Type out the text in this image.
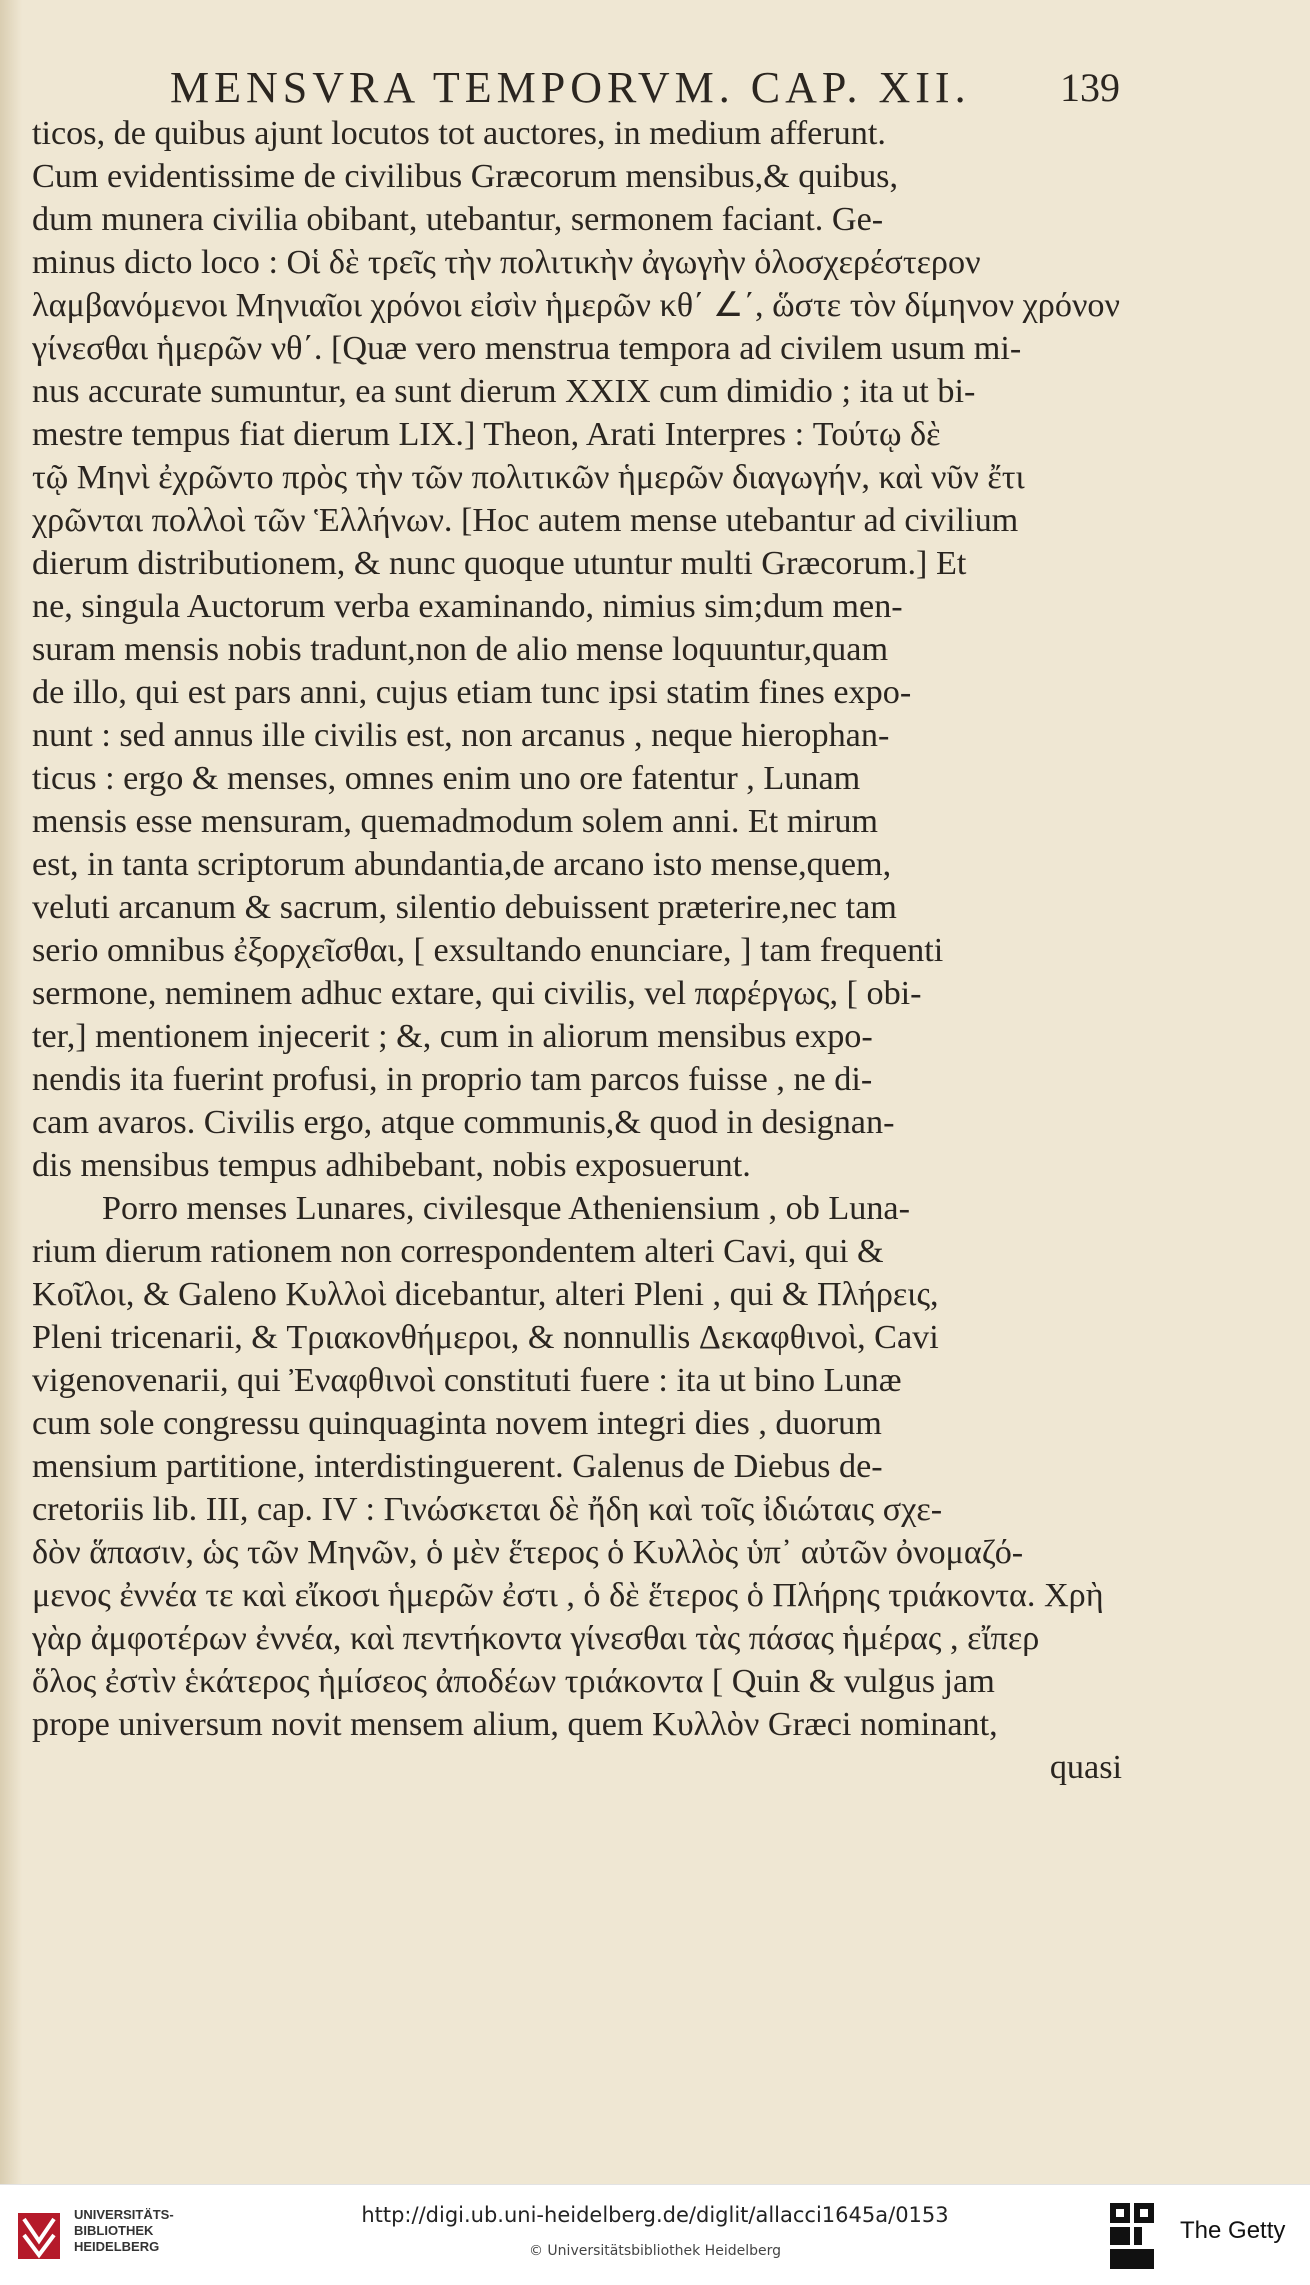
MENSVRA TEMPORVM. CAP. XII.	139
ticos, de quibus ajunt locutos tot auctores, in medium afferunt.
Cum evidentissime de civilibus Græcorum mensibus,& quibus,
dum munera civilia obibant, utebantur, sermonem faciant. Ge-
minus dicto loco : Οἱ δὲ τρεῖς τὴν πολιτικὴν ἀγωγὴν ὁλοσχερέστερον
λαμβανόμενοι Μηνιαῖοι χρόνοι εἰσὶν ἡμερῶν κθ΄ ∠΄, ὥστε τὸν δίμηνον χρόνον
γίνεσθαι ἡμερῶν νθ΄. [Quæ vero menstrua tempora ad civilem usum mi-
nus accurate sumuntur, ea sunt dierum XXIX cum dimidio ; ita ut bi-
mestre tempus fiat dierum LIX.] Theon, Arati Interpres : Τούτῳ δὲ
τῷ Μηνὶ ἐχρῶντο πρὸς τὴν τῶν πολιτικῶν ἡμερῶν διαγωγήν, καὶ νῦν ἔτι
χρῶνται πολλοὶ τῶν Ἑλλήνων. [Hoc autem mense utebantur ad civilium
dierum distributionem, & nunc quoque utuntur multi Græcorum.] Et
ne, singula Auctorum verba examinando, nimius sim;dum men-
suram mensis nobis tradunt,non de alio mense loquuntur,quam
de illo, qui est pars anni, cujus etiam tunc ipsi statim fines expo-
nunt : sed annus ille civilis est, non arcanus , neque hierophan-
ticus : ergo & menses, omnes enim uno ore fatentur , Lunam
mensis esse mensuram, quemadmodum solem anni. Et mirum
est, in tanta scriptorum abundantia,de arcano isto mense,quem,
veluti arcanum & sacrum, silentio debuissent præterire,nec tam
serio omnibus ἐξορχεῖσθαι, [ exsultando enunciare, ] tam frequenti
sermone, neminem adhuc extare, qui civilis, vel παρέργως, [ obi-
ter,] mentionem injecerit ; &, cum in aliorum mensibus expo-
nendis ita fuerint profusi, in proprio tam parcos fuisse , ne di-
cam avaros. Civilis ergo, atque communis,& quod in designan-
dis mensibus tempus adhibebant, nobis exposuerunt.
Porro menses Lunares, civilesque Atheniensium , ob Luna-
rium dierum rationem non correspondentem alteri Cavi, qui &
Κοῖλοι, & Galeno Κυλλοὶ dicebantur, alteri Pleni , qui & Πλήρεις,
Pleni tricenarii, & Τριακονθήμεροι, & nonnullis Δεκαφθινοὶ, Cavi
vigenovenarii, qui Ἐναφθινοὶ constituti fuere : ita ut bino Lunæ
cum sole congressu quinquaginta novem integri dies , duorum
mensium partitione, interdistinguerent. Galenus de Diebus de-
cretoriis lib. III, cap. IV : Γινώσκεται δὲ ἤδη καὶ τοῖς ἰδιώταις σχε-
δὸν ἅπασιν, ὡς τῶν Μηνῶν, ὁ μὲν ἕτερος ὁ Κυλλὸς ὑπ᾽ αὐτῶν ὀνομαζό-
μενος ἐννέα τε καὶ εἴκοσι ἡμερῶν ἐστι , ὁ δὲ ἕτερος ὁ Πλήρης τριάκοντα. Χρὴ
γὰρ ἀμφοτέρων ἐννέα, καὶ πεντήκοντα γίνεσθαι τὰς πάσας ἡμέρας , εἴπερ
ὅλος ἐστὶν ἑκάτερος ἡμίσεος ἀποδέων τριάκοντα [ Quin & vulgus jam
prope universum novit mensem alium, quem Κυλλὸν Græci nominant,
quasi
UNIVERSITÄTS-
BIBLIOTHEK
HEIDELBERG
http://digi.ub.uni-heidelberg.de/diglit/allacci1645a/0153
© Universitätsbibliothek Heidelberg
The Getty
